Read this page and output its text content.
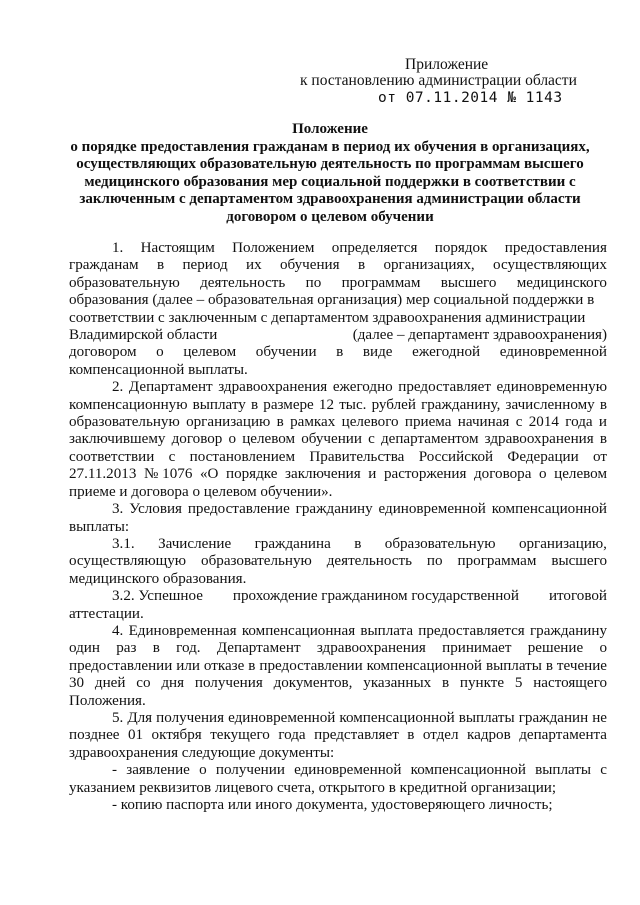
Приложение
к постановлению администрации области
от 07.11.2014 № 1143
Положение
о порядке предоставления гражданам в период их обучения в организациях,
осуществляющих образовательную деятельность по программам высшего
медицинского образования мер социальной поддержки в соответствии с
заключенным с департаментом здравоохранения администрации области
договором о целевом обучении
1. Настоящим Положением определяется порядок предоставления
гражданам в период их обучения в организациях, осуществляющих
образовательную деятельность по программам высшего медицинского
образования (далее – образовательная организация) мер социальной поддержки в
соответствии с заключенным с департаментом здравоохранения администрации
Владимирской области	(далее – департамент здравоохранения)
договором о целевом обучении в виде ежегодной единовременной
компенсационной выплаты.

2. Департамент здравоохранения ежегодно предоставляет единовременную компенсационную выплату в размере 12 тыс. рублей гражданину, зачисленному в образовательную организацию в рамках целевого приема начиная с 2014 года и заключившему договор о целевом обучении с департаментом здравоохранения в соответствии с постановлением Правительства Российской Федерации от 27.11.2013 №1076 «О порядке заключения и расторжения договора о целевом приеме и договора о целевом обучении».

3. Условия предоставление гражданину единовременной компенсационной выплаты:

3.1. Зачисление гражданина в образовательную организацию,

осуществляющую образовательную деятельность по программам высшего медицинского образования.

3.2. Успешное прохождение гражданином государственной итоговой
аттестации.

4. Единовременная компенсационная выплата предоставляется гражданину один раз в год. Департамент здравоохранения принимает решение о предоставлении или отказе в предоставлении компенсационной выплаты в течение 30 дней со дня получения документов, указанных в пункте 5 настоящего Положения.

5. Для получения единовременной компенсационной выплаты гражданин не позднее 01 октября текущего года представляет в отдел кадров департамента здравоохранения следующие документы:

- заявление о получении единовременной компенсационной выплаты с указанием реквизитов лицевого счета, открытого в кредитной организации;

- копию паспорта или иного документа, удостоверяющего личность;
